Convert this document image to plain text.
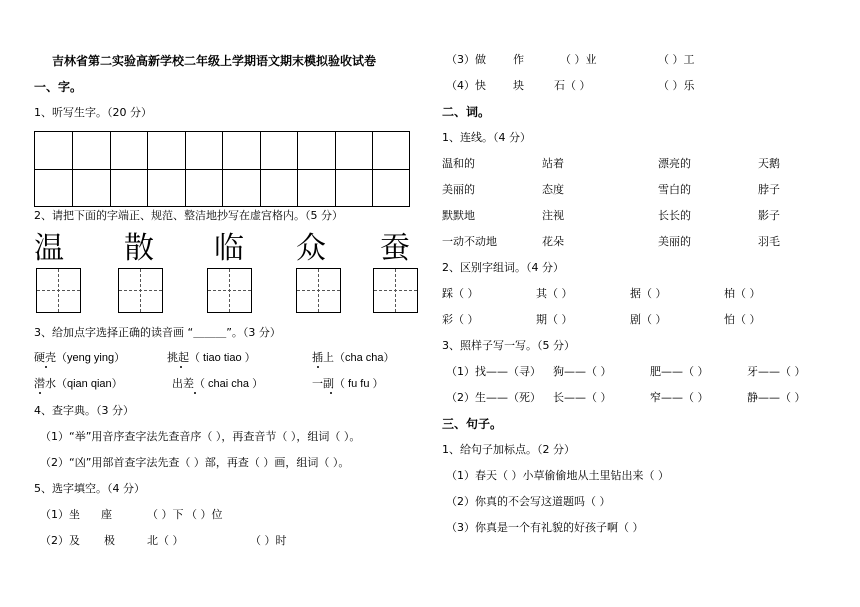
吉林省第二实验高新学校二年级上学期语文期末模拟验收试卷
一、字。
1、听写生字。（20 分）
2、请把下面的字端正、规范、整洁地抄写在虚宫格内。（5 分）
温 散 临 众 蚕
3、给加点字选择正确的读音画 “＿＿＿”。（3 分）
硬壳（yeng ying）	挑起（ tiao tiao ）	插上（cha cha）
潜水（qian qian）	出差（ chai cha ）	一副（ fu fu ）
4、查字典。（3 分）
（1）“举”用音序查字法先查音序（ ），再查音节（ ），组词（ ）。
（2）“凶”用部首查字法先查（ ）部，再查（ ）画，组词（ ）。
5、选字填空。（4 分）
（1）坐 座	（ ）下 （ ）位
（2）及 极	北（ ）	（ ）时
（3）做 作	（ ）业	（ ）工
（4）快 块	石（ ）	（ ）乐
二、词。
1、连线。（4 分）
温和的	站着	漂亮的	天鹅
美丽的	态度	雪白的	脖子
默默地	注视	长长的	影子
一动不动地	花朵	美丽的	羽毛
2、区别字组词。（4 分）
踩（ ）	其（ ）	据（ ）	柏（ ）
彩（ ）	期（ ）	剧（ ）	怕（ ）
3、照样子写一写。（5 分）
（1）找——（寻） 狗——（ ）	肥——（ ）	牙——（ ）
（2）生——（死） 长——（ ）	窄——（ ）	静——（ ）
三、句子。
1、给句子加标点。（2 分）
（1）春天（ ）小草偷偷地从土里钻出来（ ）
（2）你真的不会写这道题吗（ ）
（3）你真是一个有礼貌的好孩子啊（ ）
